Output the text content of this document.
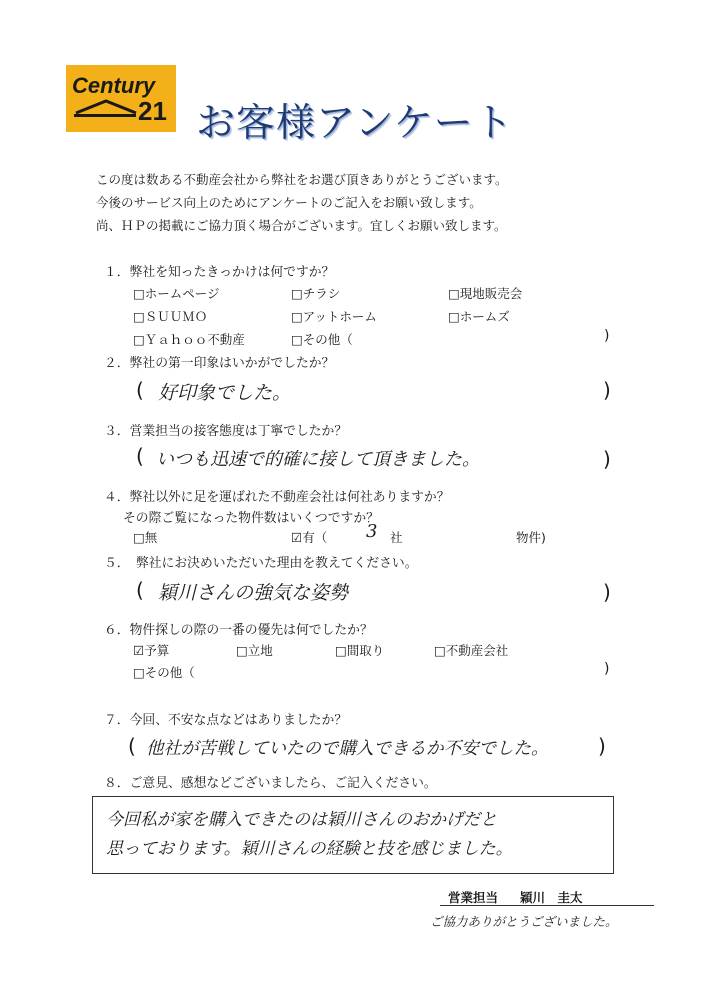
Century
21 お客様アンケート
この度は数ある不動産会社から弊社をお選び頂きありがとうございます。
今後のサービス向上のためにアンケートのご記入をお願い致します。
尚、ＨＰの掲載にご協力頂く場合がございます。宜しくお願い致します。
１．弊社を知ったきっかけは何ですか？
□ホームページ	□チラシ	□現地販売会
□ＳＵＵＭＯ	□アットホーム	□ホームズ
□Ｙａｈｏｏ不動産	□その他（	)
２．弊社の第一印象はいかがでしたか？
( 好印象でした。	)
３．営業担当の接客態度は丁寧でしたか？
( いつも迅速で的確に接して頂きました。	)
４．弊社以外に足を運ばれた不動産会社は何社ありますか？
その際ご覧になった物件数はいくつですか？
□無	☑有（ 3 社	物件)
５．　弊社にお決めいただいた理由を教えてください。
( 穎川さんの強気な姿勢	)
６．物件探しの際の一番の優先は何でしたか？
☑予算	□立地	□間取り	□不動産会社
□その他（	)
７．今回、不安な点などはありましたか？
( 他社が苦戦していたので購入できるか不安でした。 )
８．ご意見、感想などございましたら、ご記入ください。
今回私が家を購入できたのは穎川さんのおかげだと
思っております。穎川さんの経験と技を感じました。
営業担当 穎川　圭太
ご協力ありがとうございました。
